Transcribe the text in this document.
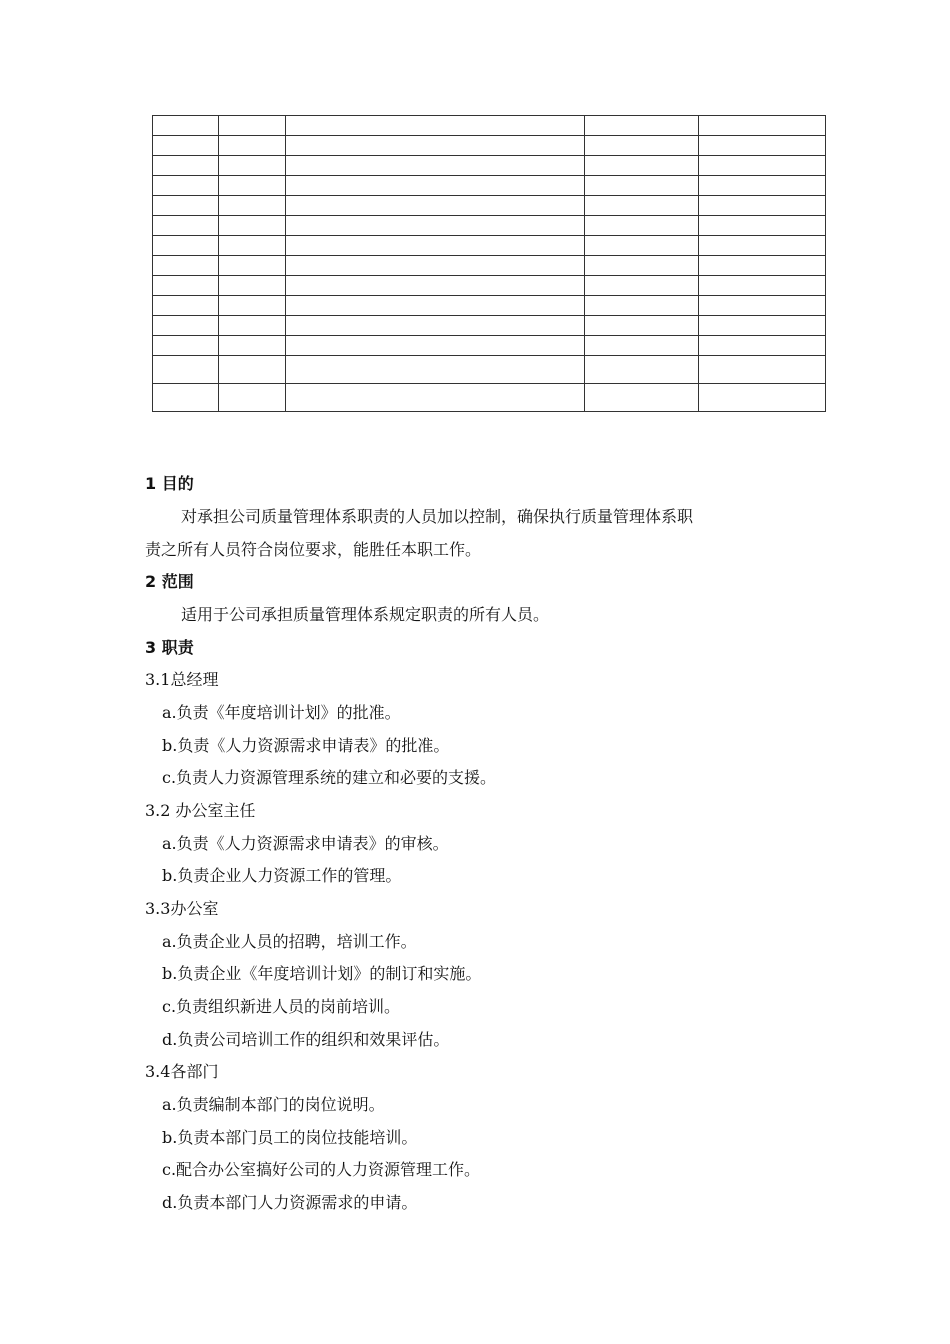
1 目的
对承担公司质量管理体系职责的人员加以控制，确保执行质量管理体系职
责之所有人员符合岗位要求，能胜任本职工作。
2 范围
适用于公司承担质量管理体系规定职责的所有人员。
3 职责
3.1总经理
a.负责《年度培训计划》的批准。
b.负责《人力资源需求申请表》的批准。
c.负责人力资源管理系统的建立和必要的支援。
3.2 办公室主任
a.负责《人力资源需求申请表》的审核。
b.负责企业人力资源工作的管理。
3.3办公室
a.负责企业人员的招聘，培训工作。
b.负责企业《年度培训计划》的制订和实施。
c.负责组织新进人员的岗前培训。
d.负责公司培训工作的组织和效果评估。
3.4各部门
a.负责编制本部门的岗位说明。
b.负责本部门员工的岗位技能培训。
c.配合办公室搞好公司的人力资源管理工作。
d.负责本部门人力资源需求的申请。
